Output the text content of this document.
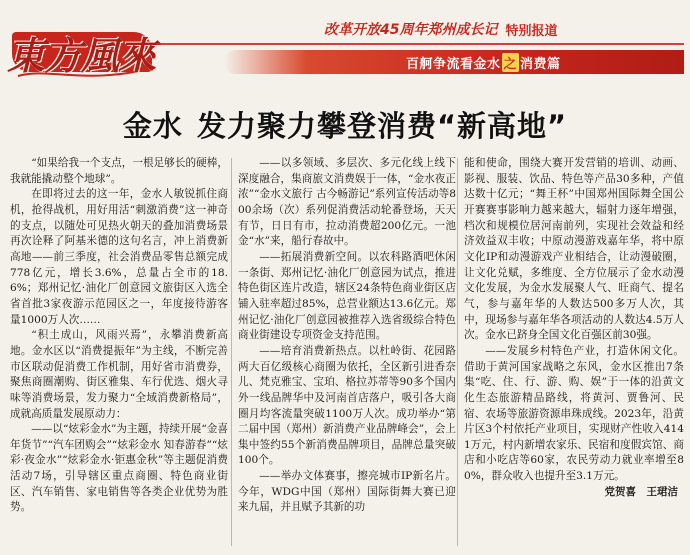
東方風來
改革开放45周年郑州成长记 特别报道
百舸争流看金水 之 消费篇
金水 发力聚力攀登消费“新高地”

“如果给我一个支点，一根足够长的硬棒，我就能撬动整个地球”。

在即将过去的这一年，金水人敏锐抓住商机，抢得战机，用好用活“刺激消费”这一神奇的支点，以随处可见热火朝天的叠加消费场景再次诠释了阿基米德的这句名言，冲上消费新高地——前三季度，社会消费品零售总额完成778亿元，增长3.6%，总量占全市的18.6%；郑州记忆·油化厂创意园文旅街区入选全省首批3家夜游示范园区之一，年度接待游客量1000万人次……

“积土成山，风雨兴焉”，永攀消费新高地。金水区以“消费提振年”为主线，不断完善市区联动促消费工作机制，用好省市消费券，聚焦商圈潮购、街区雅集、车行优选、烟火寻味等消费场景，发力聚力“全域消费新格局”，成就高质量发展原动力：

——以“炫彩金水”为主题，持续开展“金喜年货节”“汽车团购会”“炫彩金水 知春游春”“炫彩·夜金水”“炫彩金水·钜惠金秋”等主题促消费活动7场，引导辖区重点商圈、特色商业街区、汽车销售、家电销售等各类企业优势为胜势。

——以多领域、多层次、多元化线上线下深度融合，集商旅文消费娱于一体，“金水夜正浓”“金水文旅行 古今畅游记”系列宣传活动等800余场（次）系列促消费活动轮番登场，天天有节，日日有市，拉动消费超200亿元。一池金“水”来，船行春故中。

——拓展消费新空间。以农科路酒吧休闲一条街、郑州记忆·油化厂创意园为试点，推进特色街区连片改造，辖区24条特色商业街区店铺入驻率超过85%，总营业额达13.6亿元。郑州记忆·油化厂创意园被推荐入选省级综合特色商业街建设专项资金支持范围。

——培育消费新热点。以杜岭街、花园路两大百亿级核心商圈为依托，全区新引进香奈儿、梵克雅宝、宝珀、格拉苏蒂等90多个国内外一线品牌华中及河南首店落户，吸引各大商圈月均客流量突破1100万人次。成功举办“第二届中国（郑州）新消费产业品牌峰会”，会上集中签约55个新消费品牌项目，品牌总量突破100个。

——举办文体赛事，擦亮城市IP新名片。今年，WDG中国（郑州）国际街舞大赛已迎来九届，并且赋予其新的功

能和使命，围绕大赛开发营销的培训、动画、影视、服装、饮品、特色等产品30多种，产值达数十亿元；“舞王杯”中国郑州国际舞全国公开赛赛事影响力越来越大，辐射力逐年增强，档次和规模位居河南前列，实现社会效益和经济效益双丰收；中原动漫游戏嘉年华，将中原文化IP和动漫游戏产业相结合，让动漫破圈，让文化兑赋，多维度、全方位展示了金水动漫文化发展，为金水发展聚人气、旺商气、提名气，参与嘉年华的人数达500多万人次，其中，现场参与嘉年华各项活动的人数达4.5万人次。金水已跻身全国文化百强区前30强。

——发展乡村特色产业，打造休闲文化。借助于黄河国家战略之东风，金水区推出7条集“吃、住、行、游、购、娱”于一体的沿黄文化生态旅游精品路线，将黄河、贾鲁河、民宿、农场等旅游资源串珠成线。2023年，沿黄片区3个村依托产业项目，实现财产性收入4141万元，村内新增农家乐、民宿和度假宾馆、商店和小吃店等60家，农民劳动力就业率增至80%，群众收入也提升至3.1万元。

党贺喜　王珺洁
